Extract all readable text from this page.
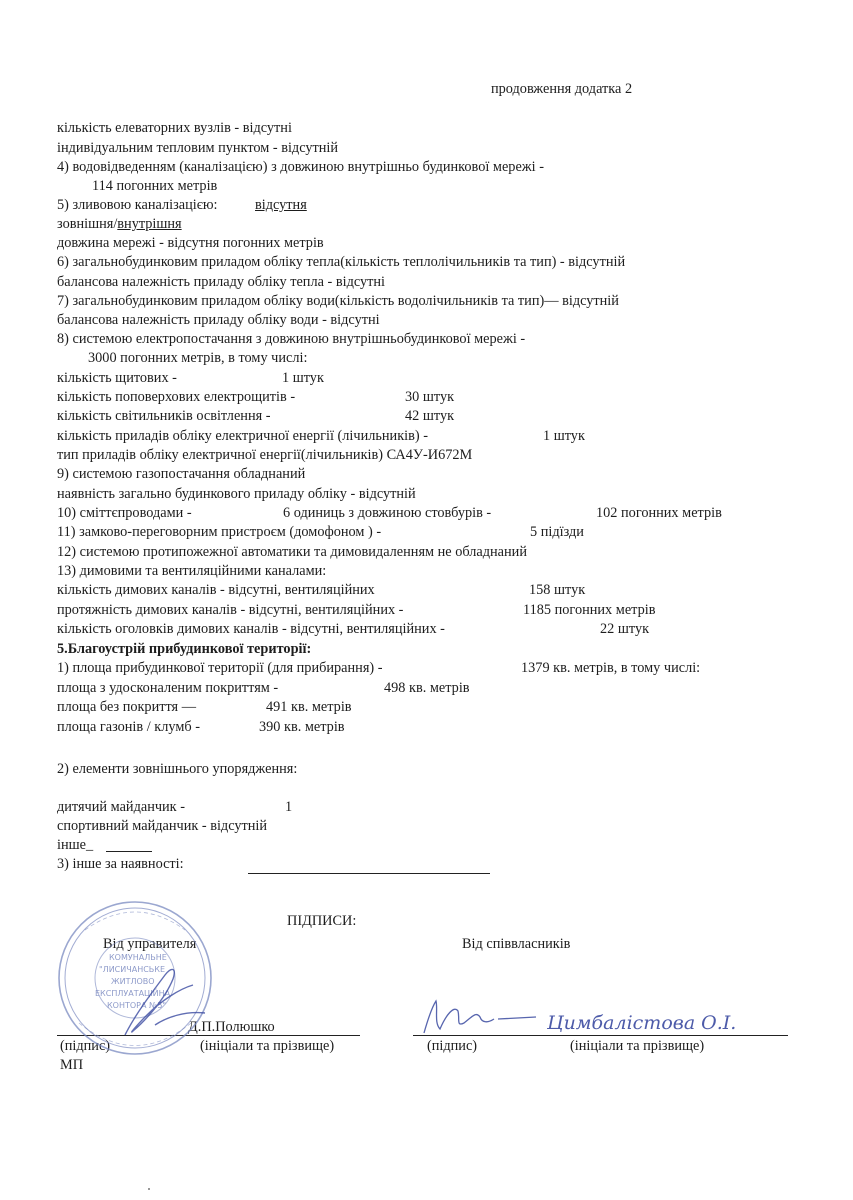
продовження додатка 2
кількість елеваторних вузлів - відсутні
індивідуальним тепловим пунктом - відсутній
4) водовідведенням (каналізацією) з довжиною внутрішньо будинкової мережі -
114 погонних метрів
5) зливовою каналізацією:	відсутня
зовнішня/внутрішня
довжина мережі - відсутня погонних метрів
6) загальнобудинковим приладом обліку тепла(кількість теплолічильників та тип) - відсутній
балансова належність приладу обліку тепла - відсутні
7) загальнобудинковим приладом обліку води(кількість водолічильників та тип)— відсутній
балансова належність приладу обліку води - відсутні
8) системою електропостачання з довжиною внутрішньобудинкової мережі -
3000 погонних метрів, в тому числі:
кількість щитових -	1 штук
кількість поповерхових електрощитів -	30 штук
кількість світильників освітлення -	42 штук
кількість приладів обліку електричної енергії (лічильників) -	1 штук
тип приладів обліку електричної енергії(лічильників) СА4У-И672М
9) системою газопостачання обладнаний
наявність загально будинкового приладу обліку - відсутній
10) сміттєпроводами -	6 одиниць з довжиною стовбурів -	102 погонних метрів
11) замково-переговорним пристроєм (домофоном ) -	5 підїзди
12) системою протипожежної автоматики та димовидаленням не обладнаний
13) димовими та вентиляційними каналами:
кількість димових каналів - відсутні, вентиляційних	158 штук
протяжність димових каналів - відсутні, вентиляційних -	1185 погонних метрів
кількість оголовків димових каналів - відсутні, вентиляційних -	22 штук
5.Благоустрій прибудинкової території:
1) площа прибудинкової території (для прибирання) -	1379 кв. метрів, в тому числі:
площа з удосконаленим покриттям -	498 кв. метрів
площа без покриття —	491 кв. метрів
площа газонів / клумб -	390 кв. метрів
2) елементи зовнішнього упорядження:
дитячий майданчик -	1
спортивний майданчик - відсутній
інше_
3) інше за наявності:
ПІДПИСИ:
Від управителя	Від співвласників
Д.П.Полюшко
(підпис)	(ініціали та прізвище)	(підпис)	(ініціали та прізвище)
МП
КОМУНАЛЬНЕ
"ЛИСИЧАНСЬКЕ
ЖИТЛОВО
ЕКСПЛУАТАЦІЙНА
КОНТОРА №5"
Цимбалістова О.І.
